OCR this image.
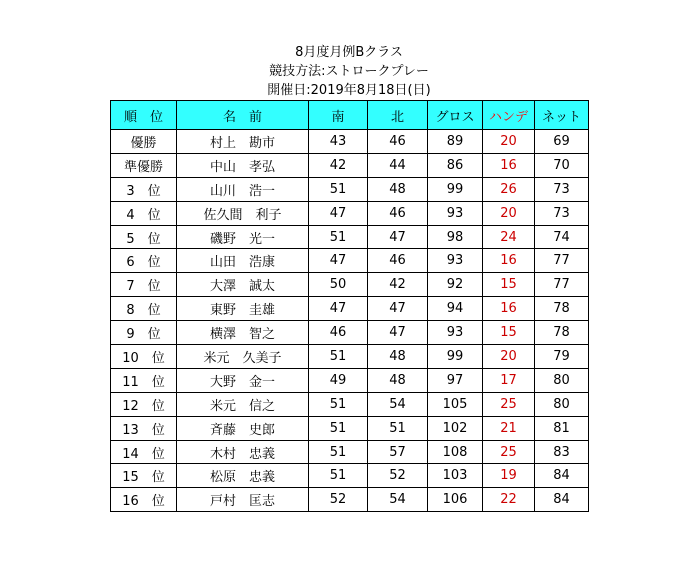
8月度月例Bクラス
競技方法:ストロークプレー
開催日:2019年8月18日(日)
順　位	名　前	南	北	グロス	ハンデ	ネット
優勝	村上　勘市	43	46	89	20	69
準優勝	中山　孝弘	42	44	86	16	70
3　位	山川　浩一	51	48	99	26	73
4　位	佐久間　利子	47	46	93	20	73
5　位	磯野　光一	51	47	98	24	74
6　位	山田　浩康	47	46	93	16	77
7　位	大澤　誠太	50	42	92	15	77
8　位	東野　圭雄	47	47	94	16	78
9　位	横澤　智之	46	47	93	15	78
10　位	米元　久美子	51	48	99	20	79
11　位	大野　金一	49	48	97	17	80
12　位	米元　信之	51	54	105	25	80
13　位	斉藤　史郎	51	51	102	21	81
14　位	木村　忠義	51	57	108	25	83
15　位	松原　忠義	51	52	103	19	84
16　位	戸村　匡志	52	54	106	22	84
